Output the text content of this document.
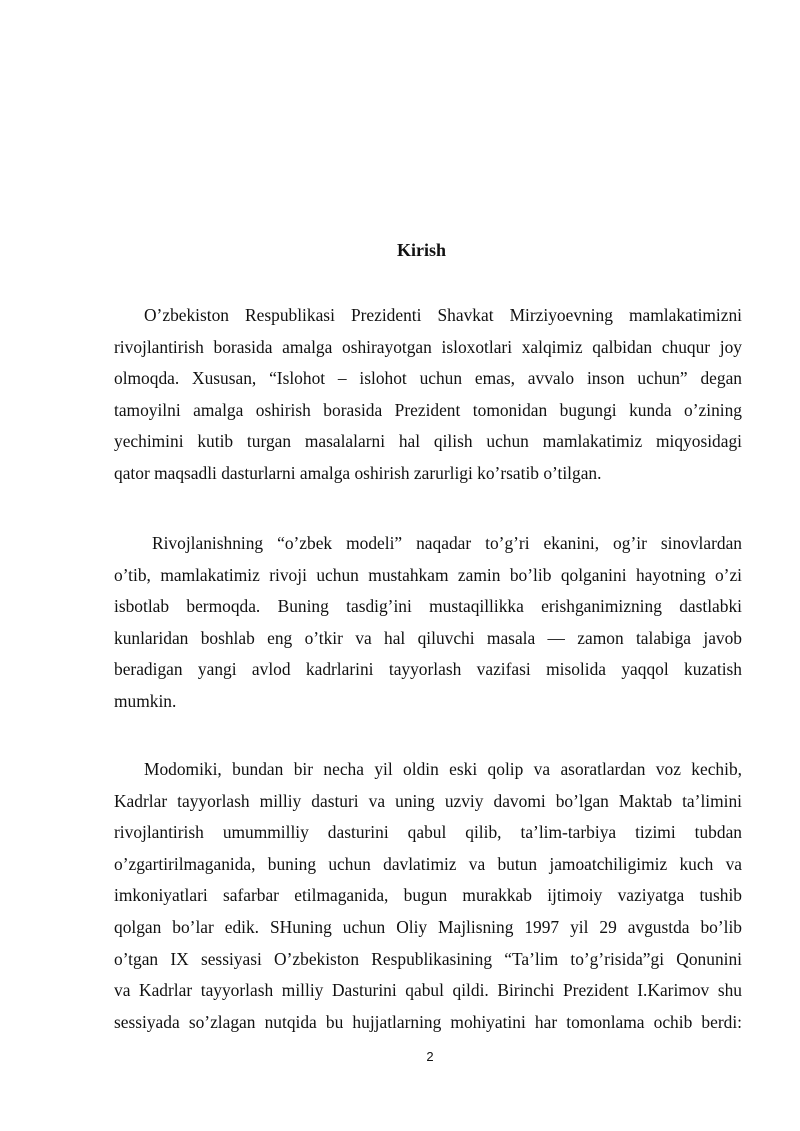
Kirish
O’zbekiston Respublikasi Prezidenti Shavkat Mirziyoevning mamlakatimizni
rivojlantirish borasida amalga oshirayotgan isloxotlari xalqimiz qalbidan chuqur joy
olmoqda. Xususan, “Islohot – islohot uchun emas, avvalo inson uchun” degan
tamoyilni amalga oshirish borasida Prezident tomonidan bugungi kunda o’zining
yechimini kutib turgan masalalarni hal qilish uchun mamlakatimiz miqyosidagi
qator maqsadli dasturlarni amalga oshirish zarurligi ko’rsatib o’tilgan.
Rivojlanishning “o’zbek modeli” naqadar to’g’ri ekanini, og’ir sinovlardan
o’tib, mamlakatimiz rivoji uchun mustahkam zamin bo’lib qolganini hayotning o’zi
isbotlab bermoqda. Buning tasdig’ini mustaqillikka erishganimizning dastlabki
kunlaridan boshlab eng o’tkir va hal qiluvchi masala — zamon talabiga javob
beradigan yangi avlod kadrlarini tayyorlash vazifasi misolida yaqqol kuzatish
mumkin.
Modomiki, bundan bir necha yil oldin eski qolip va asoratlardan voz kechib,
Kadrlar tayyorlash milliy dasturi va uning uzviy davomi bo’lgan Maktab ta’limini
rivojlantirish umummilliy dasturini qabul qilib, ta’lim-tarbiya tizimi tubdan
o’zgartirilmaganida, buning uchun davlatimiz va butun jamoatchiligimiz kuch va
imkoniyatlari safarbar etilmaganida, bugun murakkab ijtimoiy vaziyatga tushib
qolgan bo’lar edik. SHuning uchun Oliy Majlisning 1997 yil 29 avgustda bo’lib
o’tgan IX sessiyasi O’zbekiston Respublikasining “Ta’lim to’g’risida”gi Qonunini
va Kadrlar tayyorlash milliy Dasturini qabul qildi. Birinchi Prezident I.Karimov shu
sessiyada so’zlagan nutqida bu hujjatlarning mohiyatini har tomonlama ochib berdi:
2
